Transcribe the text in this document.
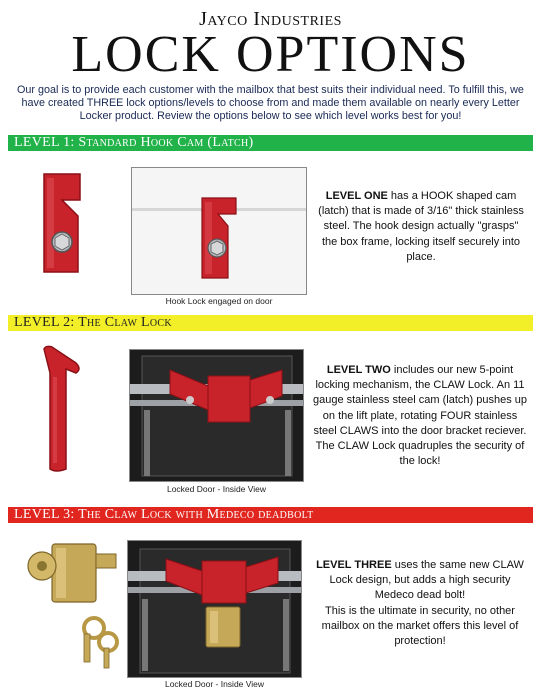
Jayco Industries
LOCK OPTIONS

Our goal is to provide each customer with the mailbox that best suits their individual need. To fulfill this, we have created THREE lock options/levels to choose from and made them available on nearly every Letter Locker product. Review the options below to see which level works best for you!

LEVEL 1: Standard Hook Cam (Latch)
Hook Lock engaged on door
LEVEL ONE has a HOOK shaped cam (latch) that is made of 3/16" thick stainless steel. The hook design actually "grasps" the box frame, locking itself securely into place.
LEVEL 2: The Claw Lock
Locked Door - Inside View
LEVEL TWO includes our new 5-point locking mechanism, the CLAW Lock. An 11 gauge stainless steel cam (latch) pushes up on the lift plate, rotating FOUR stainless steel CLAWS into the door bracket reciever. The CLAW Lock quadruples the security of the lock!
LEVEL 3: The Claw Lock with Medeco deadbolt
Locked Door - Inside View
LEVEL THREE uses the same new CLAW Lock design, but adds a high security Medeco dead bolt!
This is the ultimate in security, no other mailbox on the market offers this level of protection!
